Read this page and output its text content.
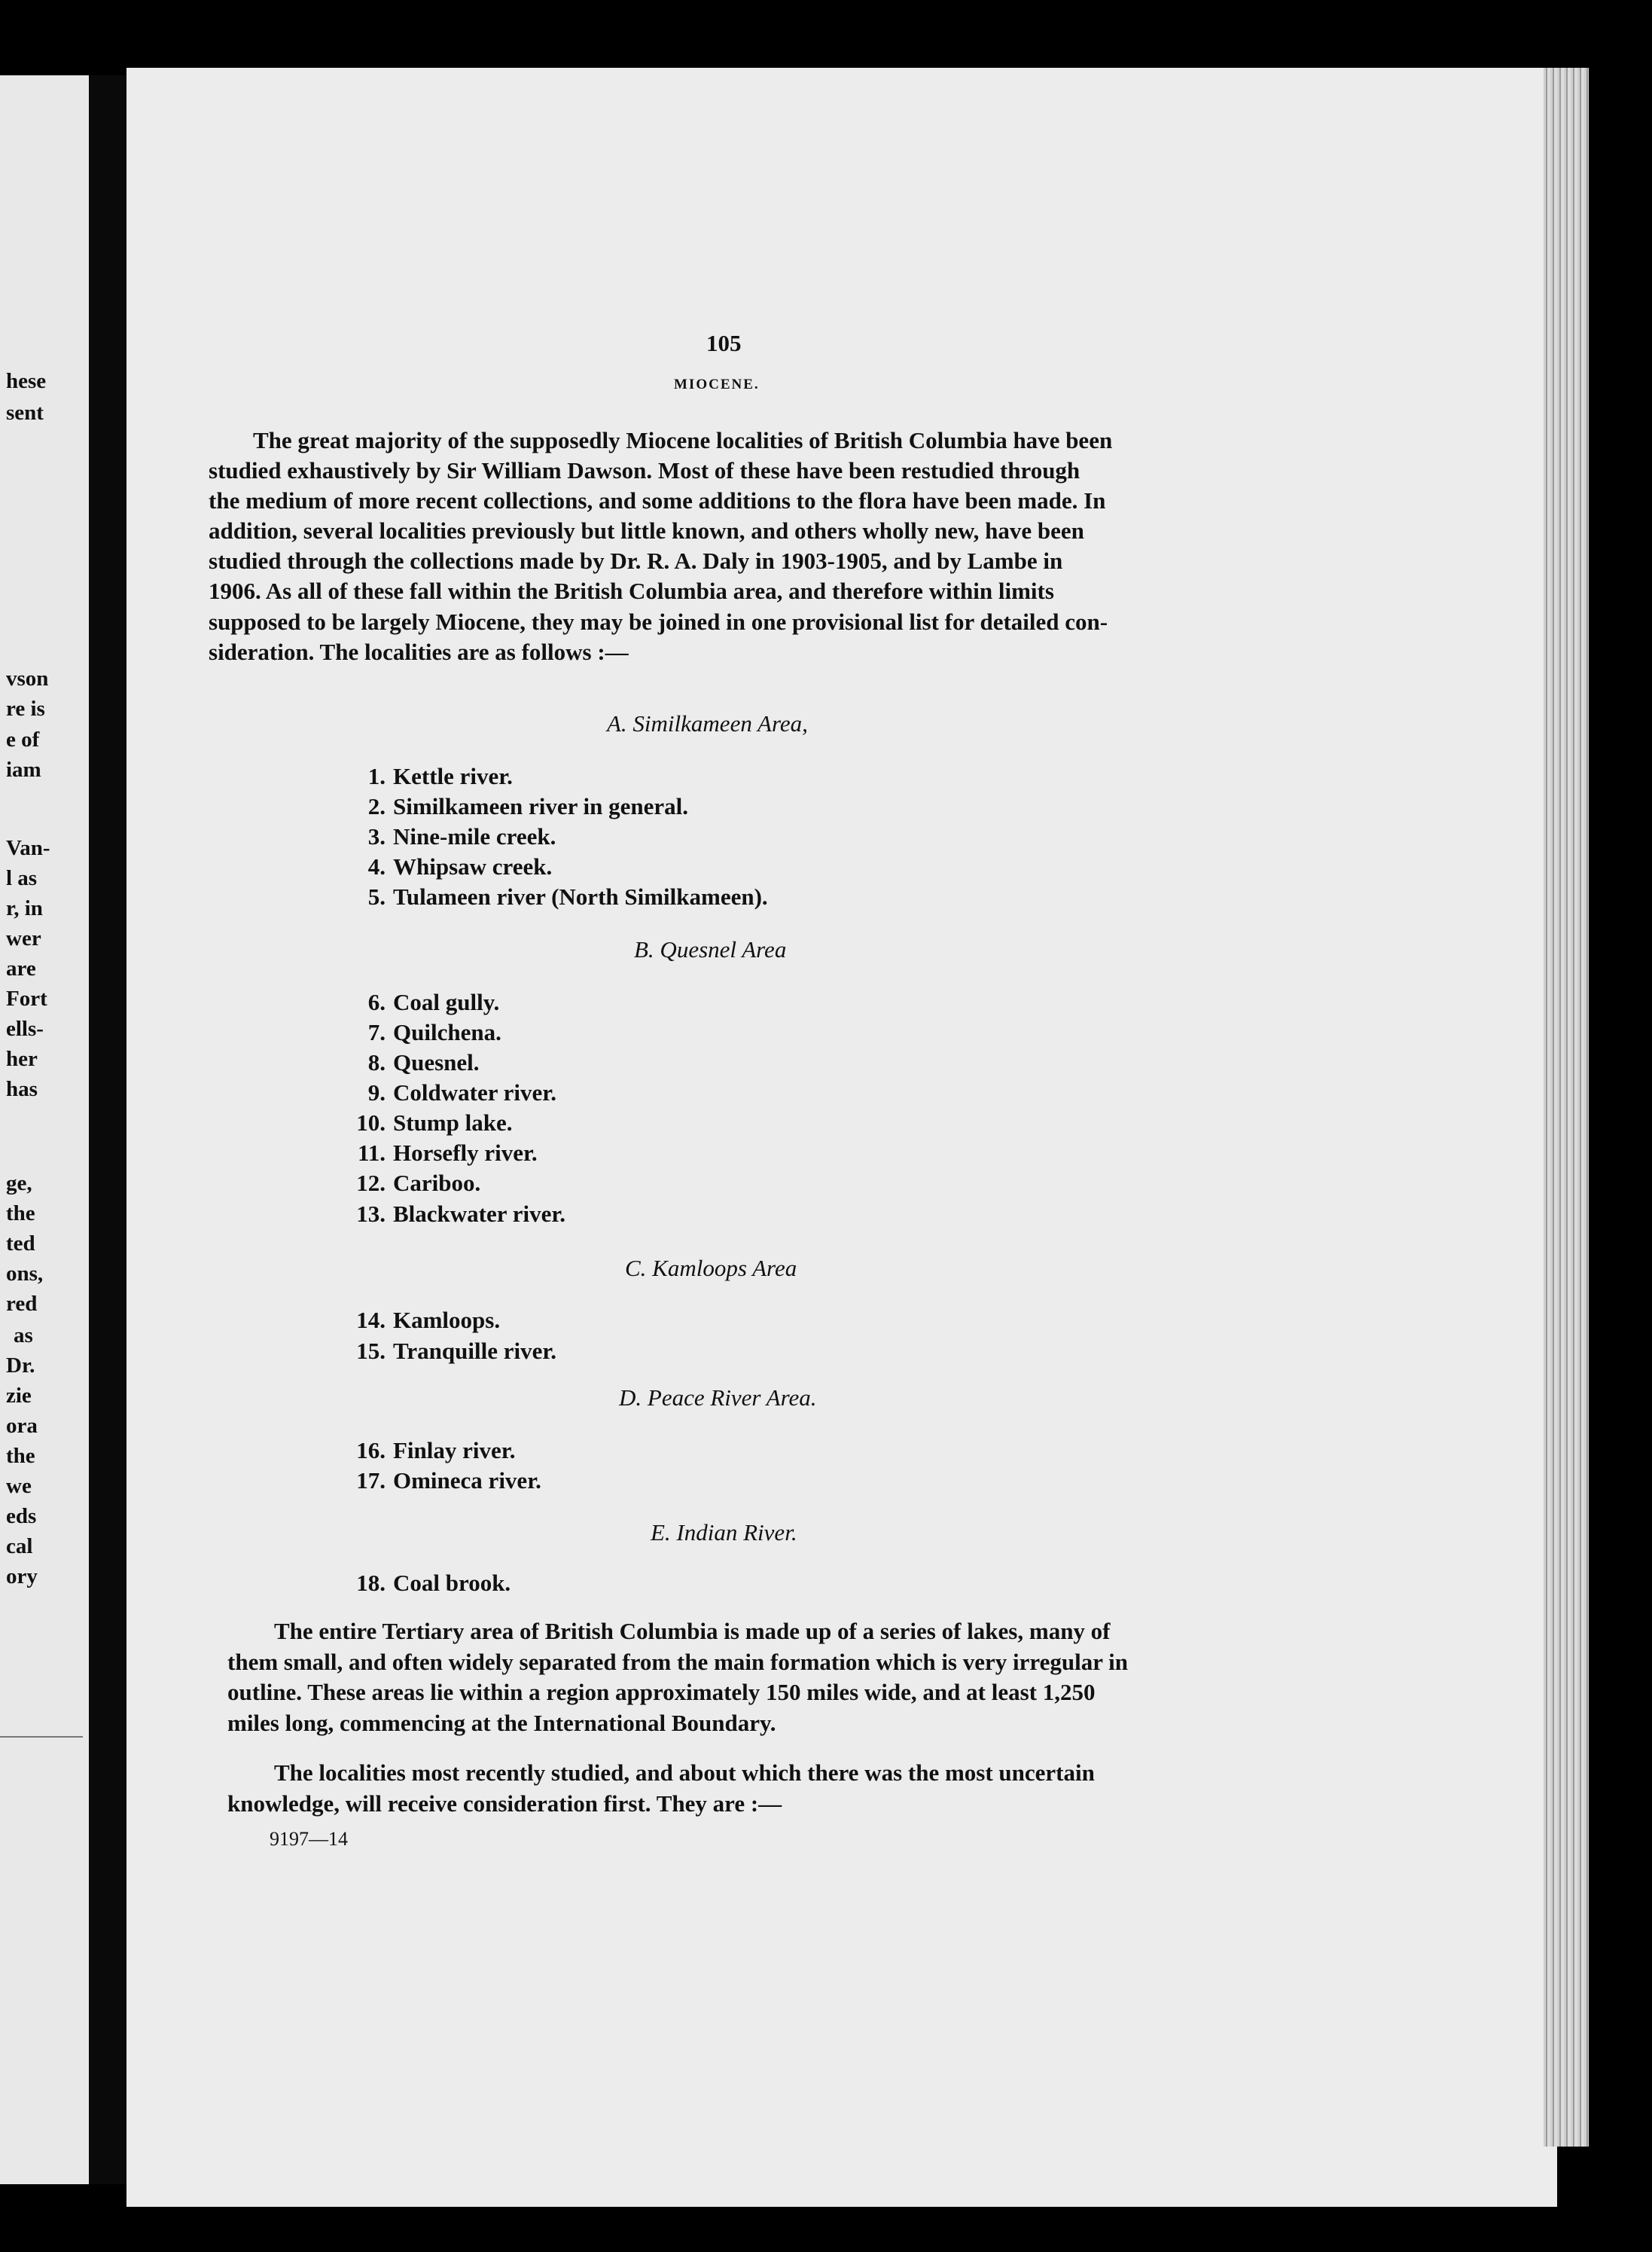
hese
sent
vson
re is
e of
iam
Van-
l as
r, in
wer
are
Fort
ells-
her
has
ge,
the
ted
ons,
red
as
Dr.
zie
ora
the
we
eds
cal
ory
105
MIOCENE.
The great majority of the supposedly Miocene localities of British Columbia have been
studied exhaustively by Sir William Dawson. Most of these have been restudied through
the medium of more recent collections, and some additions to the flora have been made. In
addition, several localities previously but little known, and others wholly new, have been
studied through the collections made by Dr. R. A. Daly in 1903-1905, and by Lambe in
1906. As all of these fall within the British Columbia area, and therefore within limits
supposed to be largely Miocene, they may be joined in one provisional list for detailed con-
sideration. The localities are as follows :—
A. Similkameen Area,
1. Kettle river.
2. Similkameen river in general.
3. Nine-mile creek.
4. Whipsaw creek.
5. Tulameen river (North Similkameen).
B. Quesnel Area
6. Coal gully.
7. Quilchena.
8. Quesnel.
9. Coldwater river.
10. Stump lake.
11. Horsefly river.
12. Cariboo.
13. Blackwater river.
C. Kamloops Area
14. Kamloops.
15. Tranquille river.
D. Peace River Area.
16. Finlay river.
17. Omineca river.
E. Indian River.
18. Coal brook.
The entire Tertiary area of British Columbia is made up of a series of lakes, many of
them small, and often widely separated from the main formation which is very irregular in
outline. These areas lie within a region approximately 150 miles wide, and at least 1,250
miles long, commencing at the International Boundary.
The localities most recently studied, and about which there was the most uncertain
knowledge, will receive consideration first. They are :—
9197—14
